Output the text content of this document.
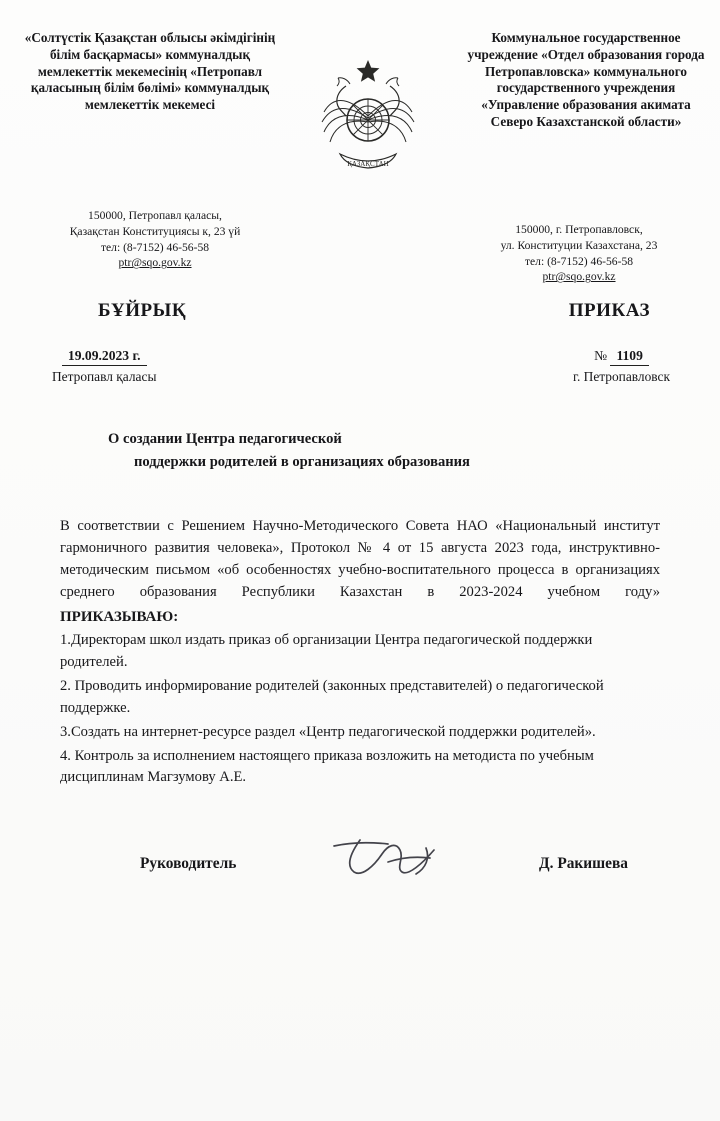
«Солтүстік Қазақстан облысы әкімдігінің білім басқармасы» коммуналдық мемлекеттік мекемесінің «Петропавл қаласының білім бөлімі» коммуналдық мемлекеттік мекемесі
ҚАЗАҚСТАН
Коммунальное государственное учреждение «Отдел образования города Петропавловска» коммунального государственного учреждения «Управление образования акимата Северо Казахстанской области»
150000, Петропавл қаласы,
Қазақстан Конституциясы к, 23 үй
тел: (8-7152) 46-56-58
ptr@sqo.gov.kz
150000, г. Петропавловск,
ул. Конституции Казахстана, 23
тел: (8-7152) 46-56-58
ptr@sqo.gov.kz
БҰЙРЫҚ	ПРИКАЗ
19.09.2023 г.
Петропавл қаласы
№ 1109
г. Петропавловск
О создании Центра педагогической
поддержки родителей в организациях образования

В соответствии с Решением Научно-Методического Совета НАО «Национальный институт гармоничного развития человека», Протокол № 4 от 15 августа 2023 года, инструктивно-методическим письмом «об особенностях учебно-воспитательного процесса в организациях среднего образования Республики Казахстан в 2023-2024 учебном году»

ПРИКАЗЫВАЮ:
1.Директорам школ издать приказ об организации Центра педагогической поддержки родителей.
2. Проводить информирование родителей (законных представителей) о педагогической поддержке.
3.Создать на интернет-ресурсе раздел «Центр педагогической поддержки родителей».
4. Контроль за исполнением настоящего приказа возложить на методиста по учебным дисциплинам Магзумову А.Е.
Руководитель	Д. Ракишева
